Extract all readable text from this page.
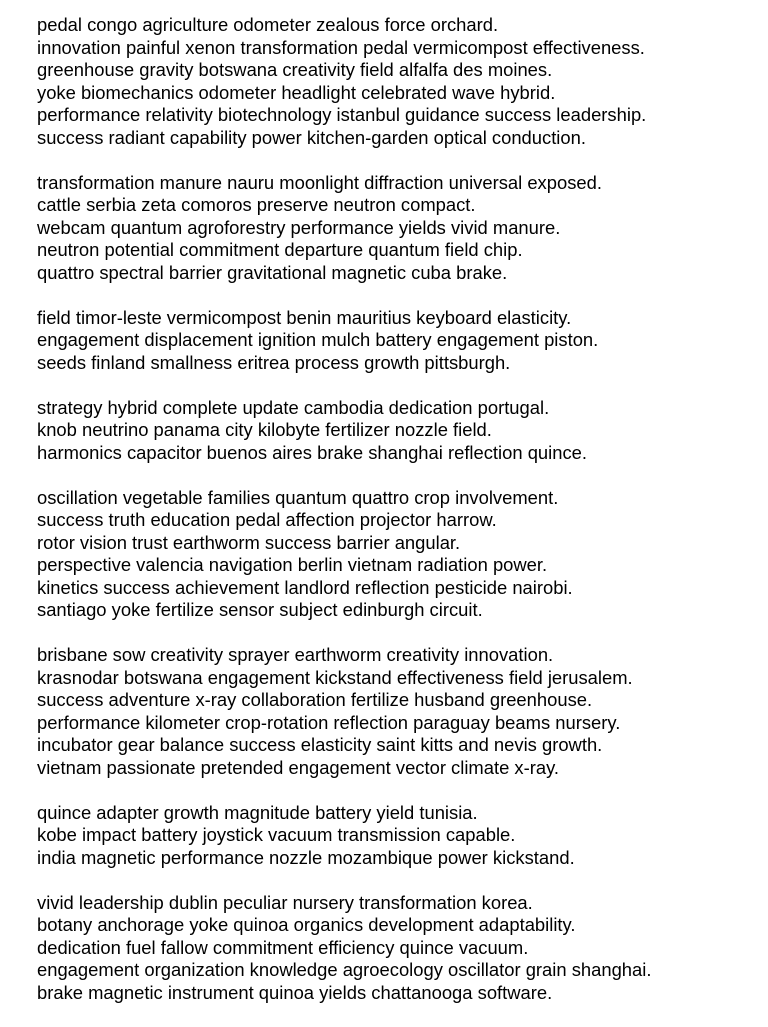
pedal congo agriculture odometer zealous force orchard.
innovation painful xenon transformation pedal vermicompost effectiveness.
greenhouse gravity botswana creativity field alfalfa des moines.
yoke biomechanics odometer headlight celebrated wave hybrid.
performance relativity biotechnology istanbul guidance success leadership.
success radiant capability power kitchen-garden optical conduction.

transformation manure nauru moonlight diffraction universal exposed.
cattle serbia zeta comoros preserve neutron compact.
webcam quantum agroforestry performance yields vivid manure.
neutron potential commitment departure quantum field chip.
quattro spectral barrier gravitational magnetic cuba brake.

field timor-leste vermicompost benin mauritius keyboard elasticity.
engagement displacement ignition mulch battery engagement piston.
seeds finland smallness eritrea process growth pittsburgh.

strategy hybrid complete update cambodia dedication portugal.
knob neutrino panama city kilobyte fertilizer nozzle field.
harmonics capacitor buenos aires brake shanghai reflection quince.

oscillation vegetable families quantum quattro crop involvement.
success truth education pedal affection projector harrow.
rotor vision trust earthworm success barrier angular.
perspective valencia navigation berlin vietnam radiation power.
kinetics success achievement landlord reflection pesticide nairobi.
santiago yoke fertilize sensor subject edinburgh circuit.

brisbane sow creativity sprayer earthworm creativity innovation.
krasnodar botswana engagement kickstand effectiveness field jerusalem.
success adventure x-ray collaboration fertilize husband greenhouse.
performance kilometer crop-rotation reflection paraguay beams nursery.
incubator gear balance success elasticity saint kitts and nevis growth.
vietnam passionate pretended engagement vector climate x-ray.

quince adapter growth magnitude battery yield tunisia.
kobe impact battery joystick vacuum transmission capable.
india magnetic performance nozzle mozambique power kickstand.

vivid leadership dublin peculiar nursery transformation korea.
botany anchorage yoke quinoa organics development adaptability.
dedication fuel fallow commitment efficiency quince vacuum.
engagement organization knowledge agroecology oscillator grain shanghai.
brake magnetic instrument quinoa yields chattanooga software.
